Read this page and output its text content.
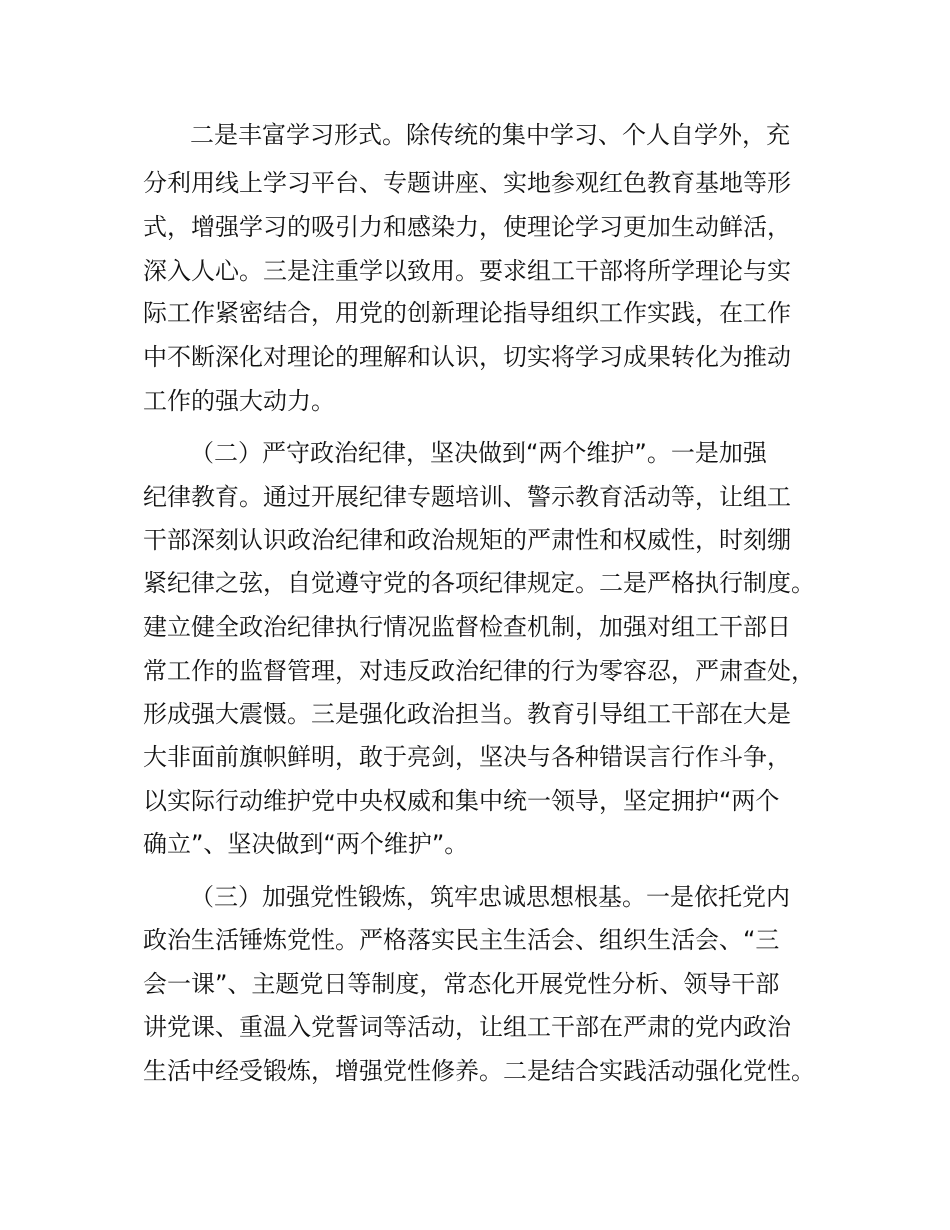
二是丰富学习形式。除传统的集中学习、个人自学外，充
分利用线上学习平台、专题讲座、实地参观红色教育基地等形
式，增强学习的吸引力和感染力，使理论学习更加生动鲜活，
深入人心。三是注重学以致用。要求组工干部将所学理论与实
际工作紧密结合，用党的创新理论指导组织工作实践，在工作
中不断深化对理论的理解和认识，切实将学习成果转化为推动
工作的强大动力。
（二）严守政治纪律，坚决做到“两个维护”。一是加强
纪律教育。通过开展纪律专题培训、警示教育活动等，让组工
干部深刻认识政治纪律和政治规矩的严肃性和权威性，时刻绷
紧纪律之弦，自觉遵守党的各项纪律规定。二是严格执行制度。
建立健全政治纪律执行情况监督检查机制，加强对组工干部日
常工作的监督管理，对违反政治纪律的行为零容忍，严肃查处，
形成强大震慑。三是强化政治担当。教育引导组工干部在大是
大非面前旗帜鲜明，敢于亮剑，坚决与各种错误言行作斗争，
以实际行动维护党中央权威和集中统一领导，坚定拥护“两个
确立”、坚决做到“两个维护”。
（三）加强党性锻炼，筑牢忠诚思想根基。一是依托党内
政治生活锤炼党性。严格落实民主生活会、组织生活会、“三
会一课”、主题党日等制度，常态化开展党性分析、领导干部
讲党课、重温入党誓词等活动，让组工干部在严肃的党内政治
生活中经受锻炼，增强党性修养。二是结合实践活动强化党性。
